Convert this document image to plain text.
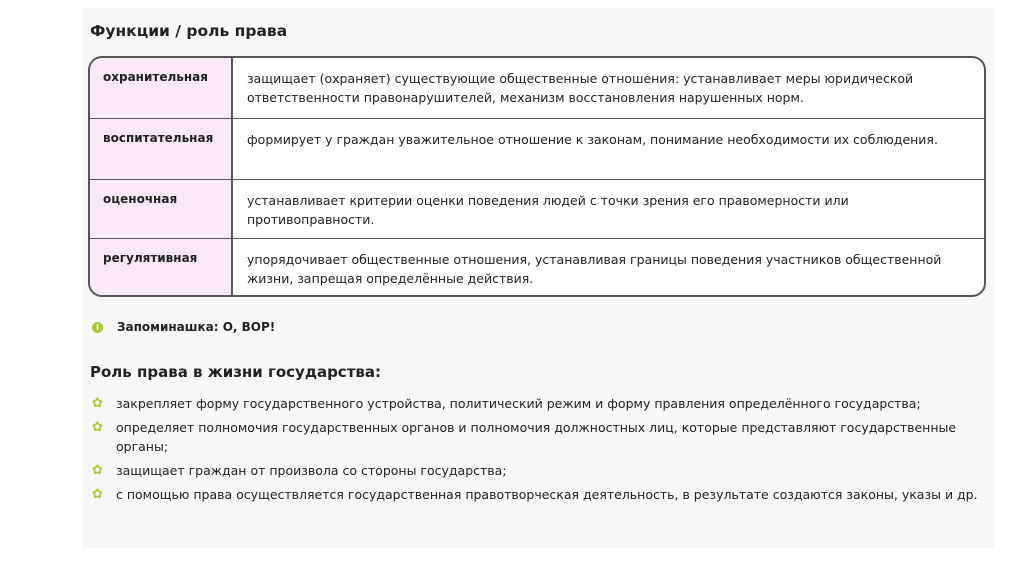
Функции / роль права
охранительная	защищает (охраняет) существующие общественные отношения: устанавливает меры юридической ответственности правонарушителей, механизм восстановления нарушенных норм.
воспитательная	формирует у граждан уважительное отношение к законам, понимание необходимости их соблюдения.
оценочная	устанавливает критерии оценки поведения людей с точки зрения его правомерности или противоправности.
регулятивная	упорядочивает общественные отношения, устанавливая границы поведения участников общественной жизни, запрещая определённые действия.
i	Запоминашка: О, ВОР!
Роль права в жизни государства:
✿ закрепляет форму государственного устройства, политический режим и форму правления определённого государства;
✿ определяет полномочия государственных органов и полномочия должностных лиц, которые представляют государственные органы;
✿ защищает граждан от произвола со стороны государства;
✿ с помощью права осуществляется государственная правотворческая деятельность, в результате создаются законы, указы и др.
